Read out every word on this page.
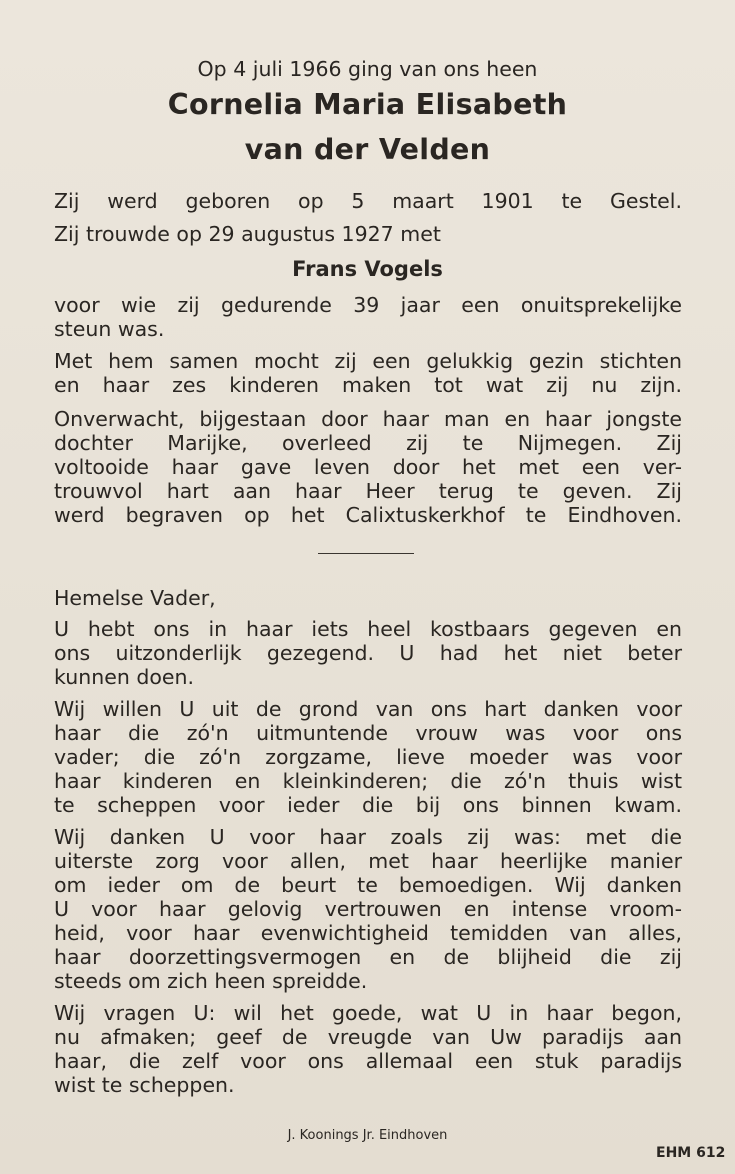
Op 4 juli 1966 ging van ons heen
Cornelia Maria Elisabeth
van der Velden
Zij werd geboren op 5 maart 1901 te Gestel.
Zij trouwde op 29 augustus 1927 met
Frans Vogels
voor wie zij gedurende 39 jaar een onuitsprekelijke
steun was.
Met hem samen mocht zij een gelukkig gezin stichten
en haar zes kinderen maken tot wat zij nu zijn.
Onverwacht, bijgestaan door haar man en haar jongste
dochter Marijke, overleed zij te Nijmegen. Zij
voltooide haar gave leven door het met een ver-
trouwvol hart aan haar Heer terug te geven. Zij
werd begraven op het Calixtuskerkhof te Eindhoven.
Hemelse Vader,
U hebt ons in haar iets heel kostbaars gegeven en
ons uitzonderlijk gezegend. U had het niet beter
kunnen doen.
Wij willen U uit de grond van ons hart danken voor
haar die zó'n uitmuntende vrouw was voor ons
vader; die zó'n zorgzame, lieve moeder was voor
haar kinderen en kleinkinderen; die zó'n thuis wist
te scheppen voor ieder die bij ons binnen kwam.
Wij danken U voor haar zoals zij was: met die
uiterste zorg voor allen, met haar heerlijke manier
om ieder om de beurt te bemoedigen. Wij danken
U voor haar gelovig vertrouwen en intense vroom-
heid, voor haar evenwichtigheid temidden van alles,
haar doorzettingsvermogen en de blijheid die zij
steeds om zich heen spreidde.
Wij vragen U: wil het goede, wat U in haar begon,
nu afmaken; geef de vreugde van Uw paradijs aan
haar, die zelf voor ons allemaal een stuk paradijs
wist te scheppen.
J. Koonings Jr. Eindhoven
EHM 612
